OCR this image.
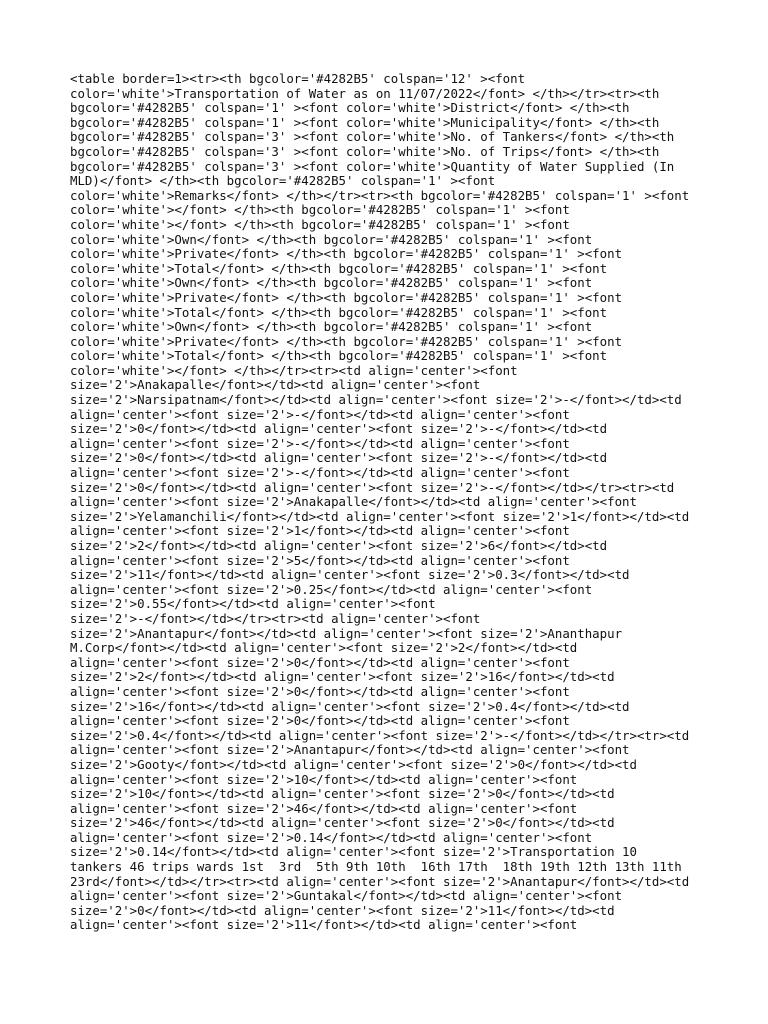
<table border=1><tr><th bgcolor='#4282B5' colspan='12' ><font
color='white'>Transportation of Water as on 11/07/2022</font> </th></tr><tr><th
bgcolor='#4282B5' colspan='1' ><font color='white'>District</font> </th><th
bgcolor='#4282B5' colspan='1' ><font color='white'>Municipality</font> </th><th
bgcolor='#4282B5' colspan='3' ><font color='white'>No. of Tankers</font> </th><th
bgcolor='#4282B5' colspan='3' ><font color='white'>No. of Trips</font> </th><th
bgcolor='#4282B5' colspan='3' ><font color='white'>Quantity of Water Supplied (In
MLD)</font> </th><th bgcolor='#4282B5' colspan='1' ><font
color='white'>Remarks</font> </th></tr><tr><th bgcolor='#4282B5' colspan='1' ><font
color='white'></font> </th><th bgcolor='#4282B5' colspan='1' ><font
color='white'></font> </th><th bgcolor='#4282B5' colspan='1' ><font
color='white'>Own</font> </th><th bgcolor='#4282B5' colspan='1' ><font
color='white'>Private</font> </th><th bgcolor='#4282B5' colspan='1' ><font
color='white'>Total</font> </th><th bgcolor='#4282B5' colspan='1' ><font
color='white'>Own</font> </th><th bgcolor='#4282B5' colspan='1' ><font
color='white'>Private</font> </th><th bgcolor='#4282B5' colspan='1' ><font
color='white'>Total</font> </th><th bgcolor='#4282B5' colspan='1' ><font
color='white'>Own</font> </th><th bgcolor='#4282B5' colspan='1' ><font
color='white'>Private</font> </th><th bgcolor='#4282B5' colspan='1' ><font
color='white'>Total</font> </th><th bgcolor='#4282B5' colspan='1' ><font
color='white'></font> </th></tr><tr><td align='center'><font
size='2'>Anakapalle</font></td><td align='center'><font
size='2'>Narsipatnam</font></td><td align='center'><font size='2'>-</font></td><td
align='center'><font size='2'>-</font></td><td align='center'><font
size='2'>0</font></td><td align='center'><font size='2'>-</font></td><td
align='center'><font size='2'>-</font></td><td align='center'><font
size='2'>0</font></td><td align='center'><font size='2'>-</font></td><td
align='center'><font size='2'>-</font></td><td align='center'><font
size='2'>0</font></td><td align='center'><font size='2'>-</font></td></tr><tr><td
align='center'><font size='2'>Anakapalle</font></td><td align='center'><font
size='2'>Yelamanchili</font></td><td align='center'><font size='2'>1</font></td><td
align='center'><font size='2'>1</font></td><td align='center'><font
size='2'>2</font></td><td align='center'><font size='2'>6</font></td><td
align='center'><font size='2'>5</font></td><td align='center'><font
size='2'>11</font></td><td align='center'><font size='2'>0.3</font></td><td
align='center'><font size='2'>0.25</font></td><td align='center'><font
size='2'>0.55</font></td><td align='center'><font
size='2'>-</font></td></tr><tr><td align='center'><font
size='2'>Anantapur</font></td><td align='center'><font size='2'>Ananthapur
M.Corp</font></td><td align='center'><font size='2'>2</font></td><td
align='center'><font size='2'>0</font></td><td align='center'><font
size='2'>2</font></td><td align='center'><font size='2'>16</font></td><td
align='center'><font size='2'>0</font></td><td align='center'><font
size='2'>16</font></td><td align='center'><font size='2'>0.4</font></td><td
align='center'><font size='2'>0</font></td><td align='center'><font
size='2'>0.4</font></td><td align='center'><font size='2'>-</font></td></tr><tr><td
align='center'><font size='2'>Anantapur</font></td><td align='center'><font
size='2'>Gooty</font></td><td align='center'><font size='2'>0</font></td><td
align='center'><font size='2'>10</font></td><td align='center'><font
size='2'>10</font></td><td align='center'><font size='2'>0</font></td><td
align='center'><font size='2'>46</font></td><td align='center'><font
size='2'>46</font></td><td align='center'><font size='2'>0</font></td><td
align='center'><font size='2'>0.14</font></td><td align='center'><font
size='2'>0.14</font></td><td align='center'><font size='2'>Transportation 10
tankers 46 trips wards 1st  3rd  5th 9th 10th  16th 17th  18th 19th 12th 13th 11th
23rd</font></td></tr><tr><td align='center'><font size='2'>Anantapur</font></td><td
align='center'><font size='2'>Guntakal</font></td><td align='center'><font
size='2'>0</font></td><td align='center'><font size='2'>11</font></td><td
align='center'><font size='2'>11</font></td><td align='center'><font
